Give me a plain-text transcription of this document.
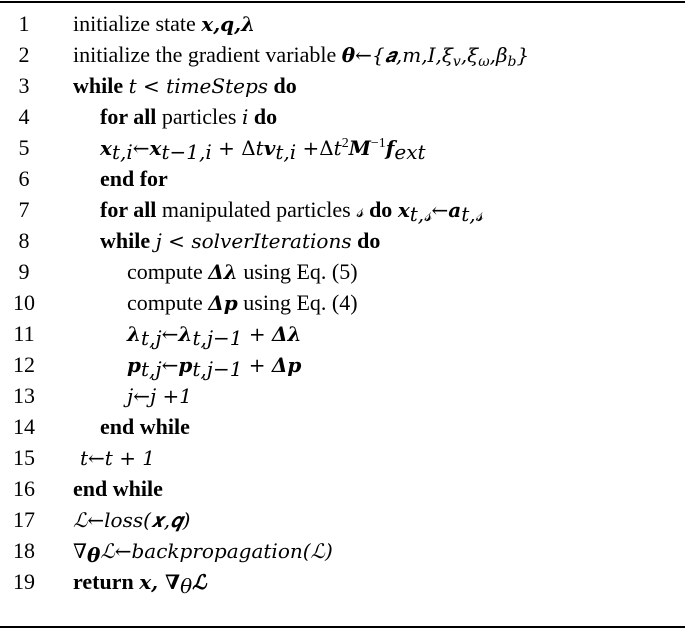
1	initialize state 𝒙,𝒒,𝝀
2	initialize the gradient variable 𝜽←{𝒂,𝑚,𝐼,𝜉$_v$,𝜉$_\omega$,𝛽$_b$}
3	while 𝑡 < 𝑡𝑖𝑚𝑒𝑆𝑡𝑒𝑝𝑠 do
4	for all particles 𝑖 do
5	𝒙$_{t,i}$←𝒙$_{t-1,i}$ + Δt𝒗$_{t,i}$ $+\Delta t^2𝑴^{-1}𝒇_{ext}$
6	end for
7	for all manipulated particles 𝓈 do 𝒙$_{t,𝓈}$←𝒂$_{t,𝓈}$
8	while 𝑗 < 𝑠𝑜𝑙𝑣𝑒𝑟𝐼𝑡𝑒𝑟𝑎𝑡𝑖𝑜𝑛𝑠 do
9	compute Δ𝝀 using Eq. (5)
10	compute Δ𝒑 using Eq. (4)
11	𝝀$_{t,j}$←𝝀$_{t,j-1}$ + Δ𝝀
12	𝒑$_{t,j}$←𝒑$_{t,j-1}$ + Δ𝒑
13	𝑗←𝑗 +1
14	end while
15 𝑡←𝑡 + 1
16 end while
17 ℒ←𝑙𝑜𝑠𝑠(𝒙,𝒒)
18 $\nabla_𝜽ℒ\leftarrow 𝑏𝑎𝑐𝑘𝑝𝑟𝑜𝑝𝑎𝑔𝑎𝑡𝑖𝑜𝑛(ℒ)$
19 return 𝒙, $\nabla_\theta ℒ$
